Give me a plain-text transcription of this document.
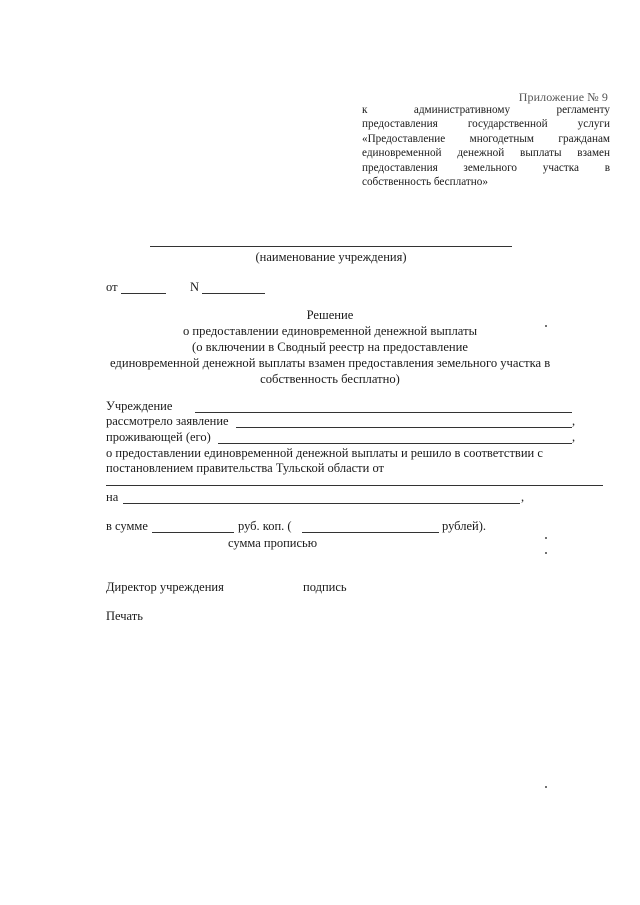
Приложение № 9
к административному регламенту
предоставления государственной услуги
«Предоставление многодетным гражданам
единовременной денежной выплаты взамен
предоставления земельного участка в
собственность бесплатно»
(наименование учреждения)
от	N
Решение
о предоставлении единовременной денежной выплаты
(о включении в Сводный реестр на предоставление
единовременной денежной выплаты взамен предоставления земельного участка в
собственность бесплатно)
Учреждение
рассмотрело заявление	,
проживающей (его)	,
о предоставлении единовременной денежной выплаты и решило в соответствии с
постановлением правительства Тульской области от
на	,
в сумме	руб. коп. (	рублей).
сумма прописью
Директор учреждения	подпись
Печать
